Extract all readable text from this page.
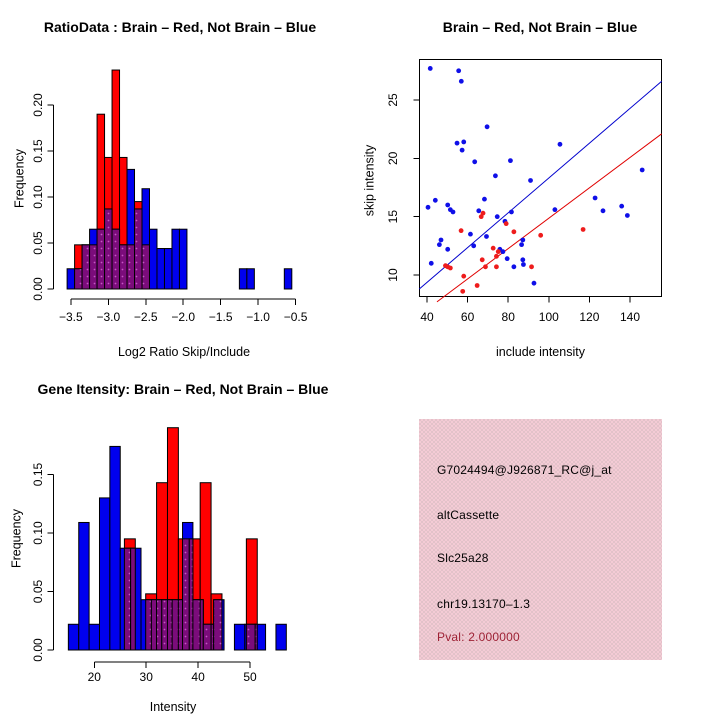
RatioData : Brain – Red, Not Brain – Blue	Brain – Red, Not Brain – Blue
Gene Itensity: Brain – Red, Not Brain – Blue
Log2 Ratio Skip/Include
Frequency
include intensity
skip intensity
Intensity
Frequency
−3.5 −3.0 −2.5 −2.0 −1.5 −1.0 −0.5
0.00
0.05
0.10
0.15
0.20
40 60 80 100 120 140
10
15
20
25
20	30	40	50
0.00
0.05
0.10
0.15	G7024494@J926871_RC@j_at
altCassette
Slc25a28
chr19.13170–1.3
Pval: 2.000000
